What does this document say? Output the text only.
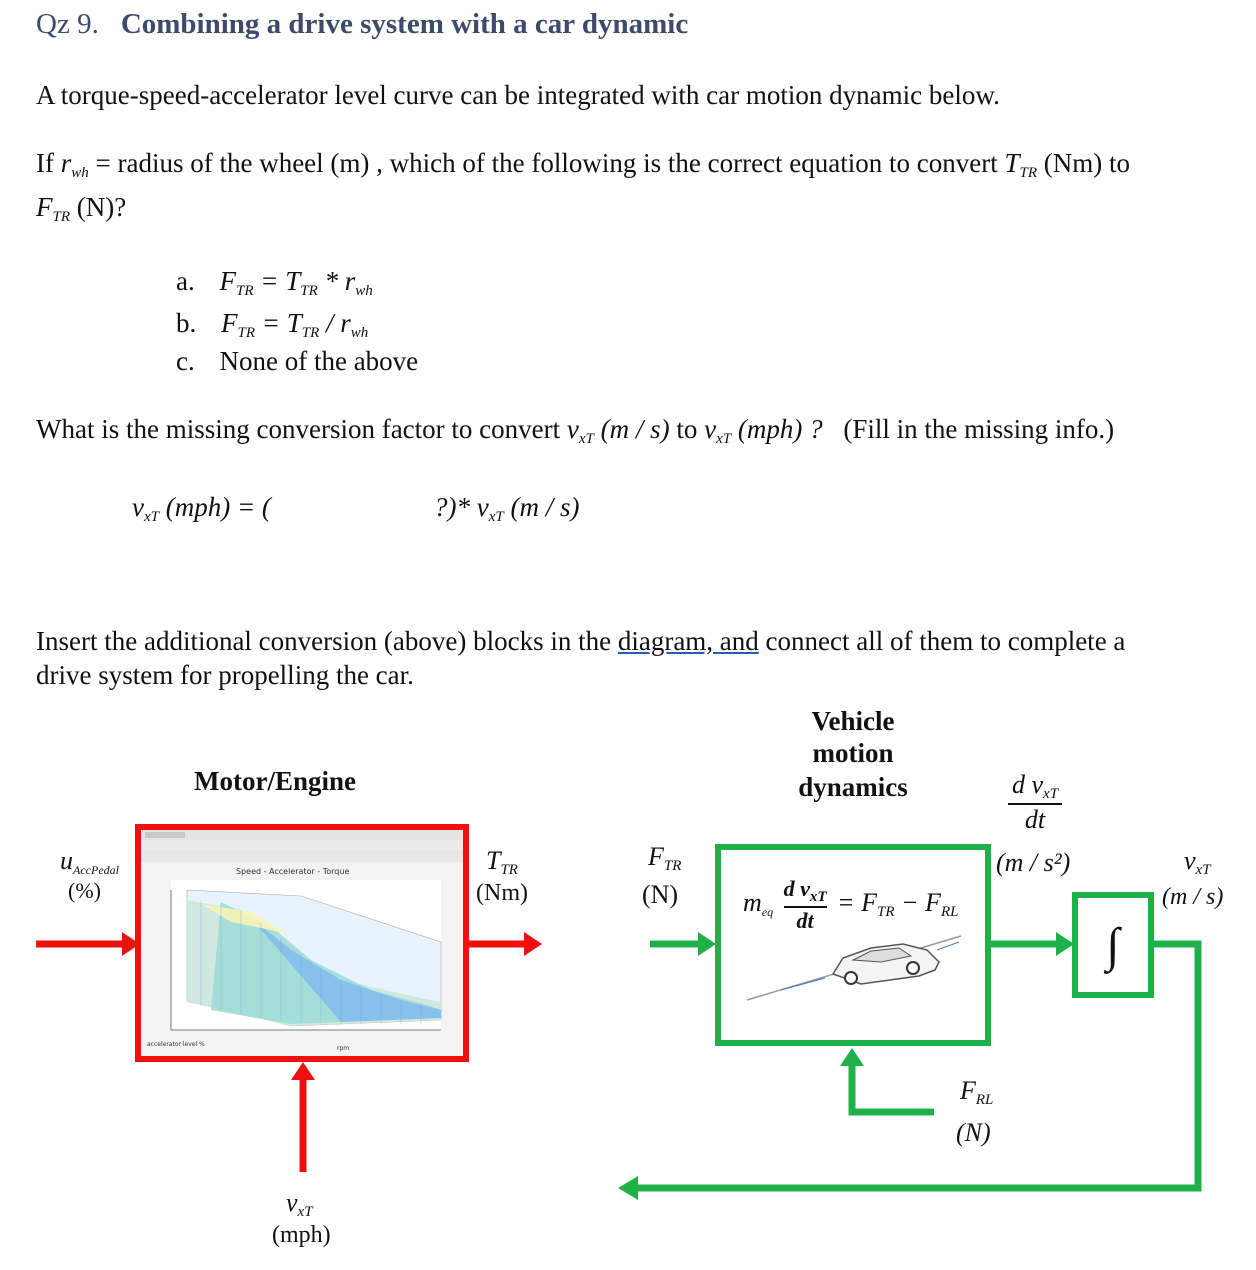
Qz 9. Combining a drive system with a car dynamic
A torque-speed-accelerator level curve can be integrated with car motion dynamic below.
If $r_{wh}$ = radius of the wheel (m) , which of the following is the correct equation to convert $T_{TR}$ (Nm) to
$F_{TR}$ (N)?
a. $F_{TR} = T_{TR} * r_{wh}$
b. $F_{TR} = T_{TR} / r_{wh}$
c. None of the above
What is the missing conversion factor to convert $v_{xT}$ (m / s) to $v_{xT}$ (mph) ? (Fill in the missing info.)
$v_{xT}$ (mph) = (	?)* $v_{xT}$ (m / s)
Insert the additional conversion (above) blocks in the diagram, and connect all of them to complete a
drive system for propelling the car.
Motor/Engine
Vehicle
motion
dynamics
Speed - Accelerator - Torque
accelerator level %
rpm
$u_{AccPedal}$
(%)
$T_{TR}$
(Nm)
$v_{xT}$
(mph)
$m_{eq}$
d $v_{xT}$
dt
= $F_{TR} - F_{RL}$
$F_{TR}$
(N)
$F_{RL}$
(N)
d $v_{xT}$
dt
(m / s²)
∫
$v_{xT}$
(m / s)
